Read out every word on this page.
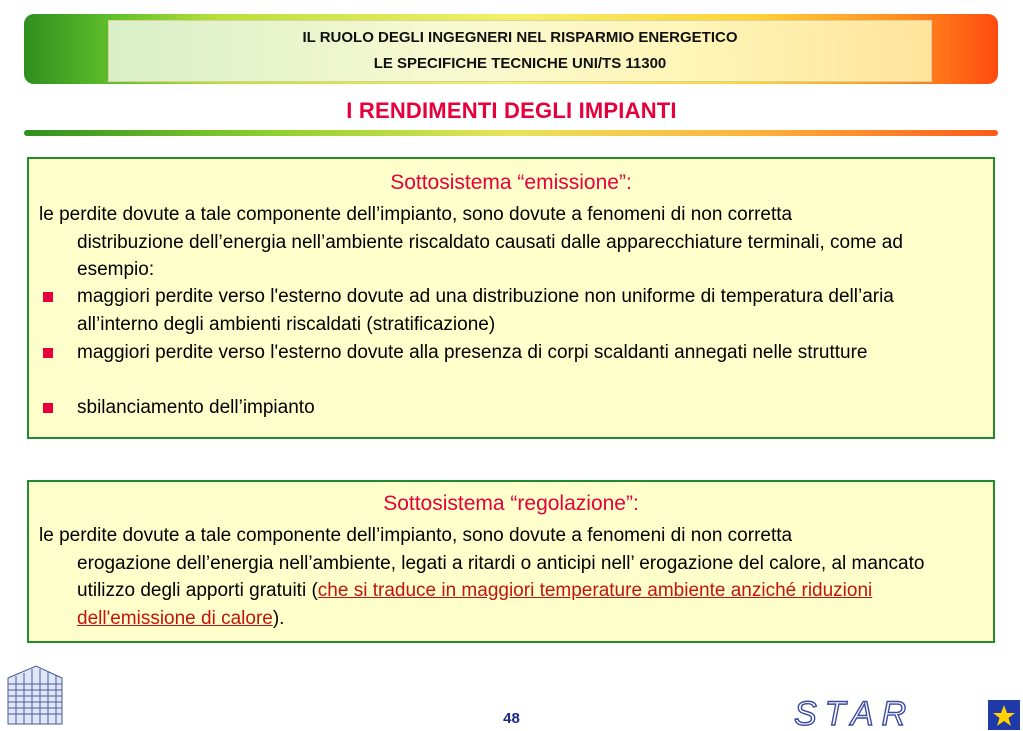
IL RUOLO DEGLI INGEGNERI NEL RISPARMIO ENERGETICO
LE SPECIFICHE TECNICHE UNI/TS 11300
I RENDIMENTI DEGLI IMPIANTI
Sottosistema “emissione”:
le perdite dovute a tale componente dell’impianto, sono dovute a fenomeni di non corretta
distribuzione dell’energia nell’ambiente riscaldato causati dalle apparecchiature terminali, come ad esempio:
maggiori perdite verso l'esterno dovute ad una distribuzione non uniforme di temperatura dell’aria all’interno degli ambienti riscaldati (stratificazione)
maggiori perdite verso l'esterno dovute alla presenza di corpi scaldanti annegati nelle strutture
sbilanciamento dell’impianto
Sottosistema “regolazione”:
le perdite dovute a tale componente dell’impianto, sono dovute a fenomeni di non corretta
erogazione dell’energia nell’ambiente, legati a ritardi o anticipi nell’ erogazione del calore, al mancato utilizzo degli apporti gratuiti (che si traduce in maggiori temperature ambiente anziché riduzioni dell'emissione di calore).
48	STAR
